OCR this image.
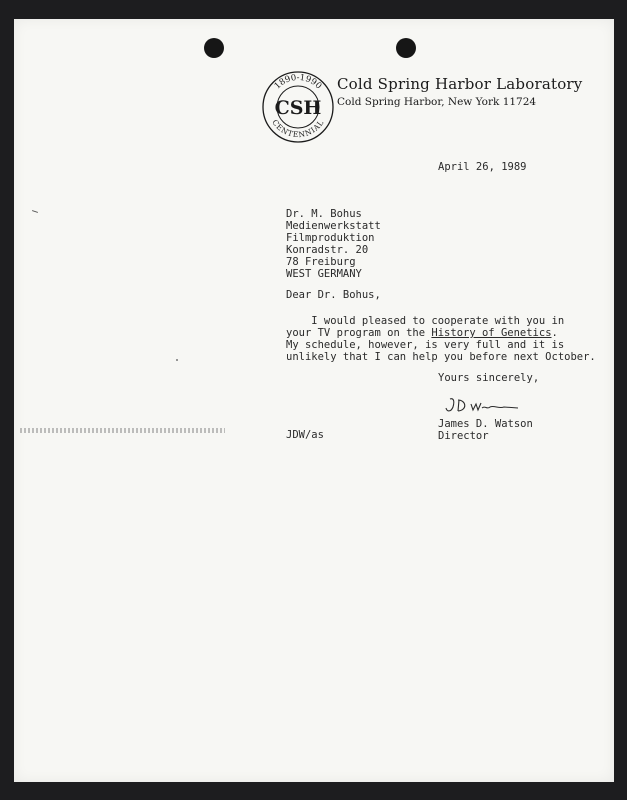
1890-1990
CENTENNIAL
CSH
Cold Spring Harbor Laboratory
Cold Spring Harbor, New York 11724
April 26, 1989
Dr. M. Bohus
Medienwerkstatt
Filmproduktion
Konradstr. 20
78 Freiburg
WEST GERMANY
Dear Dr. Bohus,
I would pleased to cooperate with you in
your TV program on the History of Genetics.
My schedule, however, is very full and it is
unlikely that I can help you before next October.
Yours sincerely,
James D. Watson
Director
JDW/as
